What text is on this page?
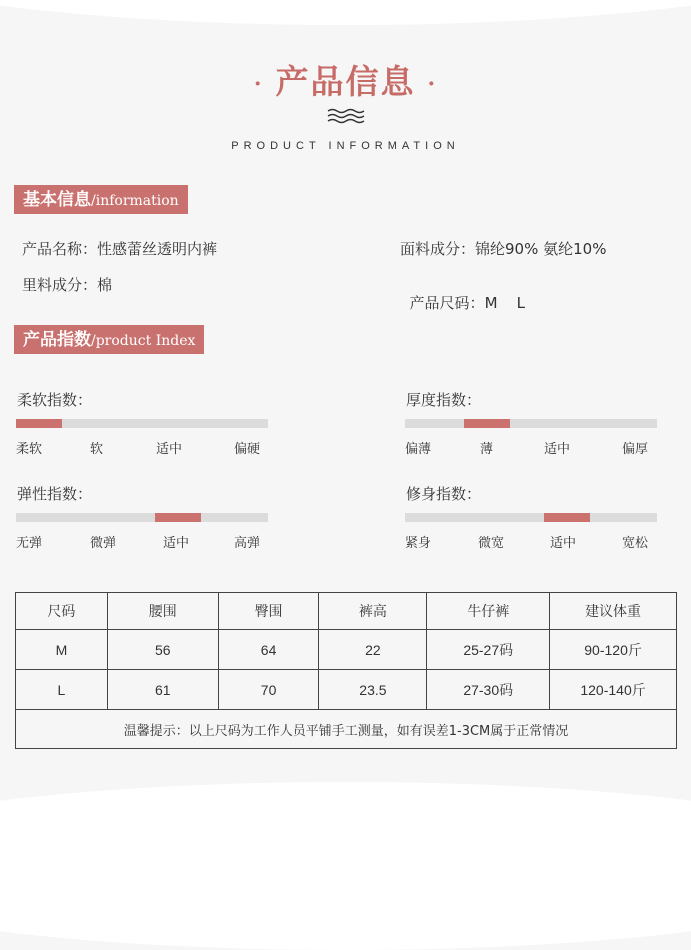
· 产品信息 ·
PRODUCT INFORMATION
基本信息/information
产品名称：性感蕾丝透明内裤	面料成分：锦纶90% 氨纶10%
里料成分：棉

产品尺码：M    L

产品指数/product Index
柔软指数：
柔软	软	适中	偏硬
厚度指数：
偏薄	薄	适中	偏厚
弹性指数：
无弹	微弹	适中	高弹
修身指数：
紧身	微宽	适中	宽松
尺码	腰围	臀围	裤高	牛仔裤	建议体重
M	56	64	22	25-27码	90-120斤
L	61	70	23.5	27-30码	120-140斤
温馨提示：以上尺码为工作人员平铺手工测量，如有误差1-3CM属于正常情况					
